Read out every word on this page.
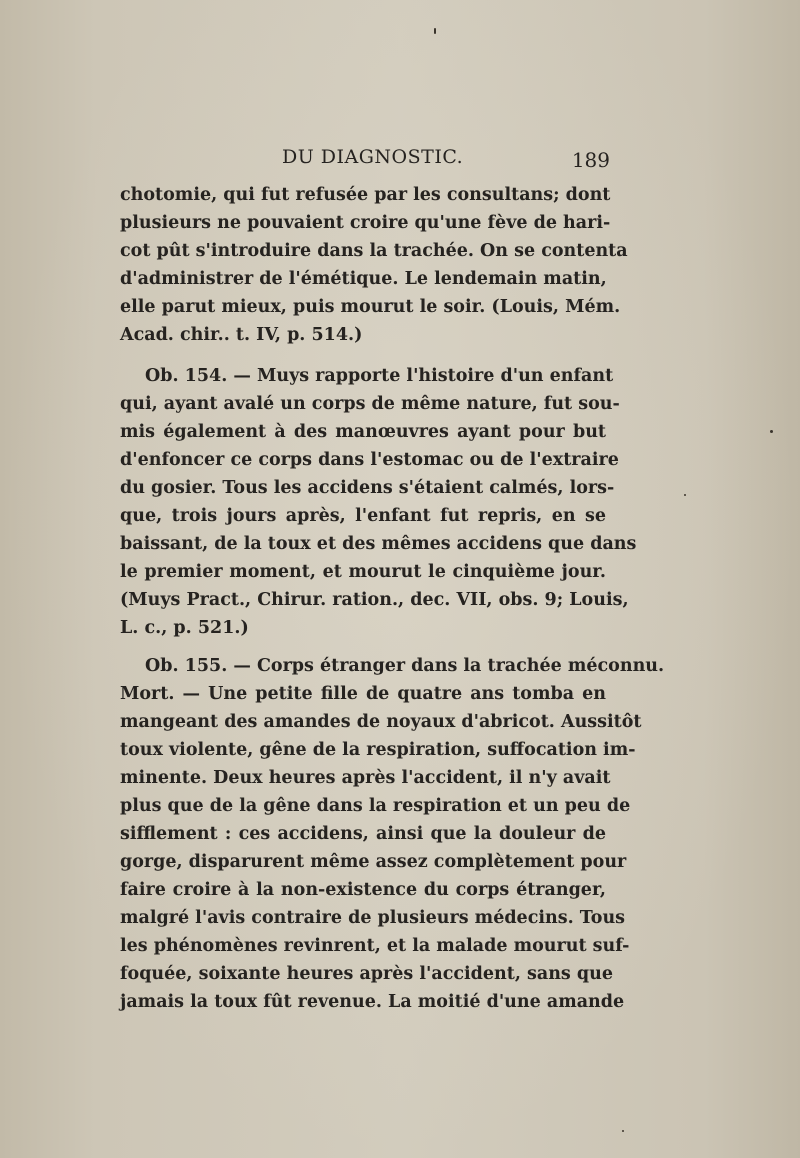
DU DIAGNOSTIC.	189
chotomie, qui fut refusée par les consultans; dont
plusieurs ne pouvaient croire qu'une fève de hari-
cot pût s'introduire dans la trachée. On se contenta
d'administrer de l'émétique. Le lendemain matin,
elle parut mieux, puis mourut le soir. (Louis, Mém.
Acad. chir.. t. IV, p. 514.)
Ob. 154. — Muys rapporte l'histoire d'un enfant
qui, ayant avalé un corps de même nature, fut sou-
mis également à des manœuvres ayant pour but
d'enfoncer ce corps dans l'estomac ou de l'extraire
du gosier. Tous les accidens s'étaient calmés, lors-
que, trois jours après, l'enfant fut repris, en se
baissant, de la toux et des mêmes accidens que dans
le premier moment, et mourut le cinquième jour.
(Muys Pract., Chirur. ration., dec. VII, obs. 9; Louis,
L. c., p. 521.)
Ob. 155. — Corps étranger dans la trachée méconnu.
Mort. — Une petite fille de quatre ans tomba en
mangeant des amandes de noyaux d'abricot. Aussitôt
toux violente, gêne de la respiration, suffocation im-
minente. Deux heures après l'accident, il n'y avait
plus que de la gêne dans la respiration et un peu de
sifflement : ces accidens, ainsi que la douleur de
gorge, disparurent même assez complètement pour
faire croire à la non-existence du corps étranger,
malgré l'avis contraire de plusieurs médecins. Tous
les phénomènes revinrent, et la malade mourut suf-
foquée, soixante heures après l'accident, sans que
jamais la toux fût revenue. La moitié d'une amande
